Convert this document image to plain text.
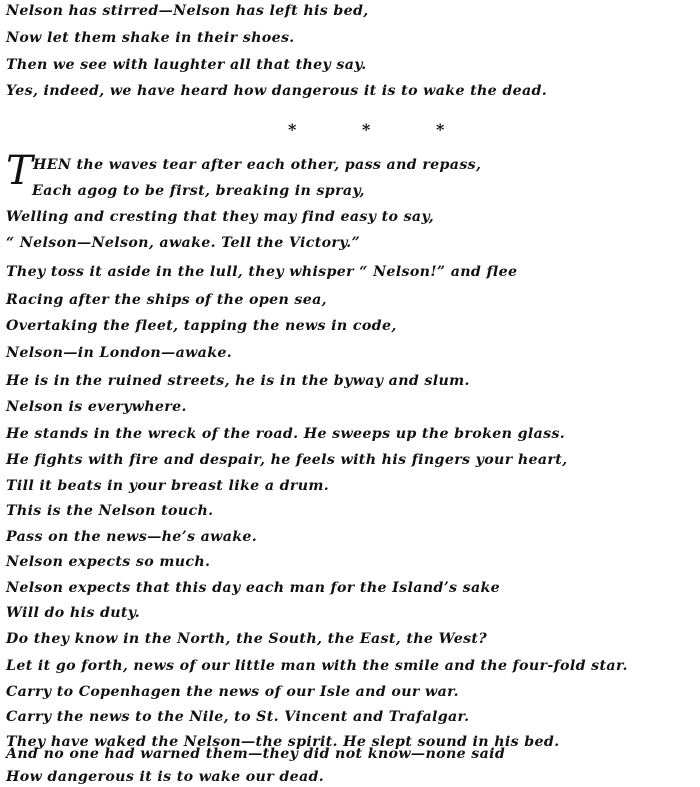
Nelson has stirred—Nelson has left his bed,
Now let them shake in their shoes.
Then we see with laughter all that they say.
Yes, indeed, we have heard how dangerous it is to wake the dead.
*	*	*
T HEN the waves tear after each other, pass and repass,
Each agog to be first, breaking in spray,
Welling and cresting that they may find easy to say,
“ Nelson—Nelson, awake. Tell the Victory.”
They toss it aside in the lull, they whisper “ Nelson!” and flee
Racing after the ships of the open sea,
Overtaking the fleet, tapping the news in code,
Nelson—in London—awake.
He is in the ruined streets, he is in the byway and slum.
Nelson is everywhere.
He stands in the wreck of the road. He sweeps up the broken glass.
He fights with fire and despair, he feels with his fingers your heart,
Till it beats in your breast like a drum.
This is the Nelson touch.
Pass on the news—he’s awake.
Nelson expects so much.
Nelson expects that this day each man for the Island’s sake
Will do his duty.
Do they know in the North, the South, the East, the West?
Let it go forth, news of our little man with the smile and the four-fold star.
Carry to Copenhagen the news of our Isle and our war.
Carry the news to the Nile, to St. Vincent and Trafalgar.
They have waked the Nelson—the spirit. He slept sound in his bed.
And no one had warned them—they did not know—none said
How dangerous it is to wake our dead.
